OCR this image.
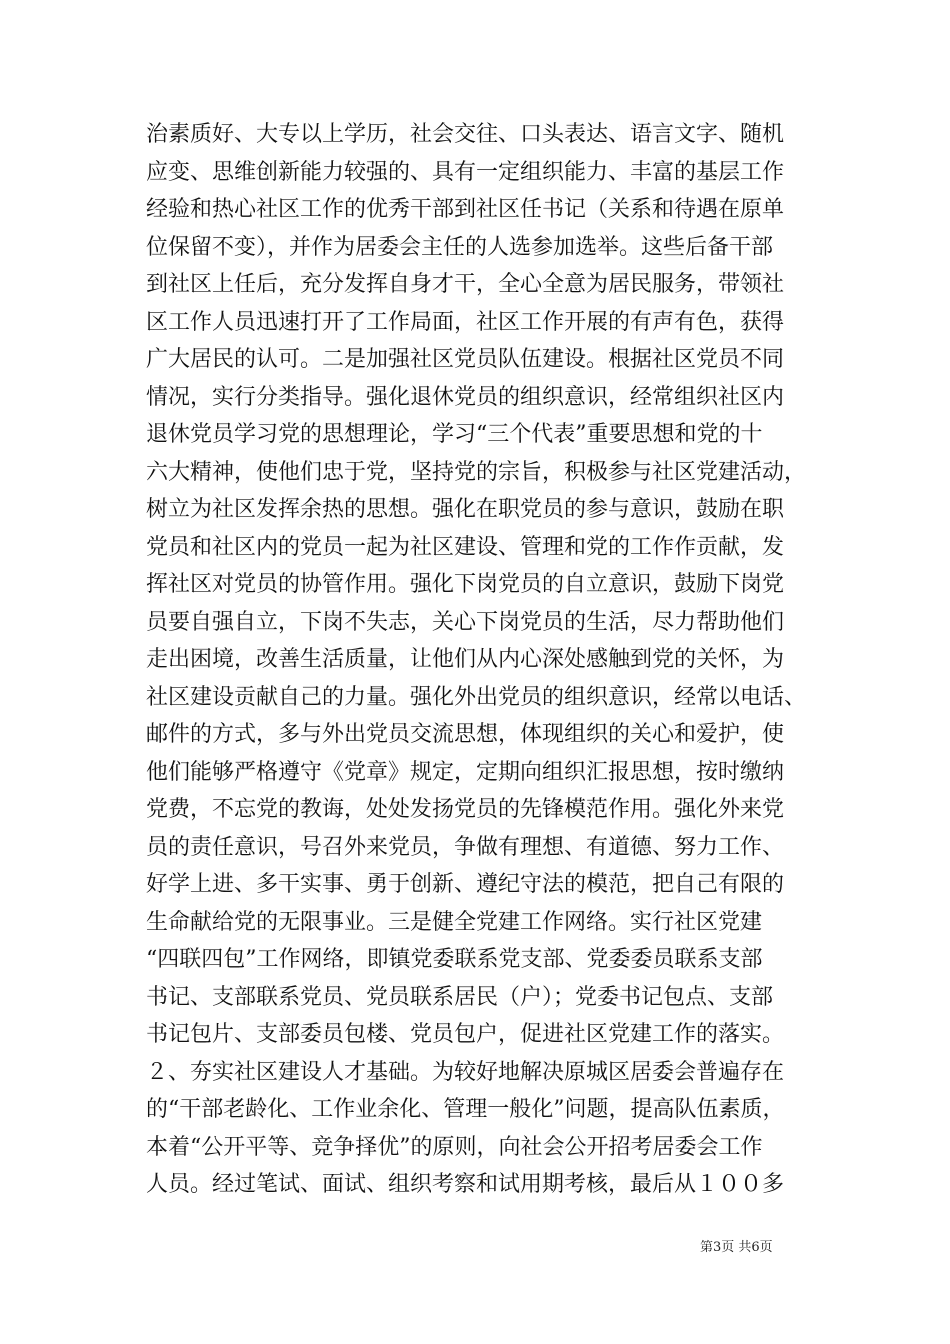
治素质好、大专以上学历，社会交往、口头表达、语言文字、随机
应变、思维创新能力较强的、具有一定组织能力、丰富的基层工作
经验和热心社区工作的优秀干部到社区任书记（关系和待遇在原单
位保留不变），并作为居委会主任的人选参加选举。这些后备干部
到社区上任后，充分发挥自身才干，全心全意为居民服务，带领社
区工作人员迅速打开了工作局面，社区工作开展的有声有色，获得
广大居民的认可。二是加强社区党员队伍建设。根据社区党员不同
情况，实行分类指导。强化退休党员的组织意识，经常组织社区内
退休党员学习党的思想理论，学习“三个代表”重要思想和党的十
六大精神，使他们忠于党，坚持党的宗旨，积极参与社区党建活动，
树立为社区发挥余热的思想。强化在职党员的参与意识，鼓励在职
党员和社区内的党员一起为社区建设、管理和党的工作作贡献，发
挥社区对党员的协管作用。强化下岗党员的自立意识，鼓励下岗党
员要自强自立，下岗不失志，关心下岗党员的生活，尽力帮助他们
走出困境，改善生活质量，让他们从内心深处感触到党的关怀，为
社区建设贡献自己的力量。强化外出党员的组织意识，经常以电话、
邮件的方式，多与外出党员交流思想，体现组织的关心和爱护，使
他们能够严格遵守《党章》规定，定期向组织汇报思想，按时缴纳
党费，不忘党的教诲，处处发扬党员的先锋模范作用。强化外来党
员的责任意识，号召外来党员，争做有理想、有道德、努力工作、
好学上进、多干实事、勇于创新、遵纪守法的模范，把自己有限的
生命献给党的无限事业。三是健全党建工作网络。实行社区党建
“四联四包”工作网络，即镇党委联系党支部、党委委员联系支部
书记、支部联系党员、党员联系居民（户）；党委书记包点、支部
书记包片、支部委员包楼、党员包户，促进社区党建工作的落实。
２、夯实社区建设人才基础。为较好地解决原城区居委会普遍存在
的“干部老龄化、工作业余化、管理一般化”问题，提高队伍素质，
本着“公开平等、竞争择优”的原则，向社会公开招考居委会工作
人员。经过笔试、面试、组织考察和试用期考核，最后从１００多
第3页 共6页
